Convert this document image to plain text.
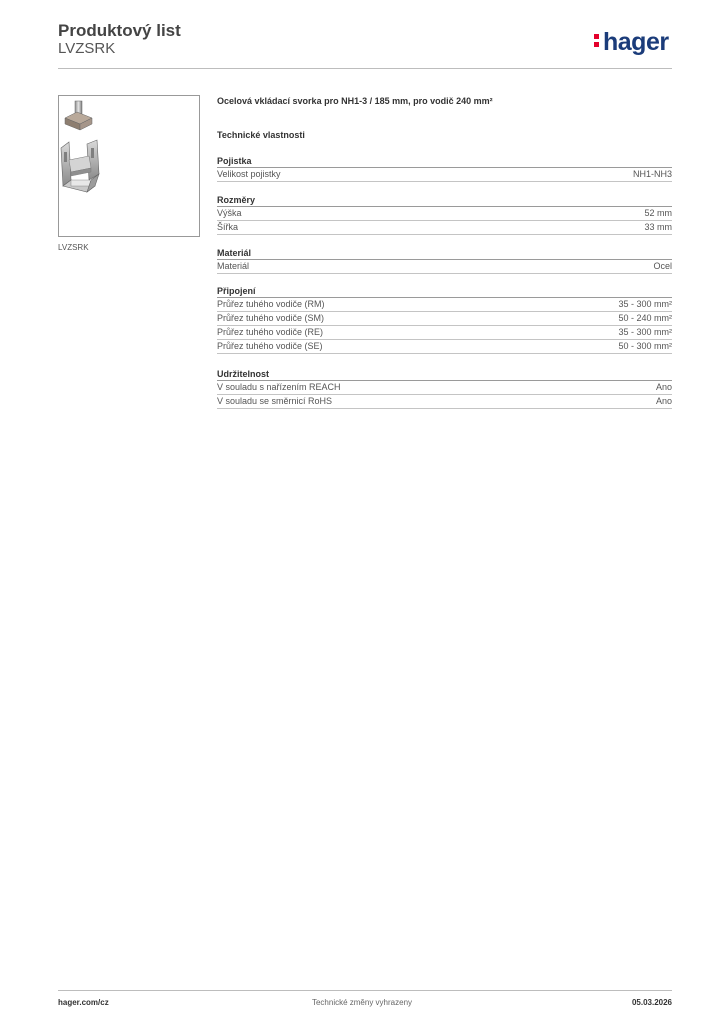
Produktový list
LVZSRK	hager
LVZSRK
Ocelová vkládací svorka pro NH1-3 / 185 mm, pro vodič 240 mm²
Technické vlastnosti
Pojistka
Velikost pojistky	NH1-NH3
Rozměry
Výška	52 mm
Šířka	33 mm
Materiál
Materiál	Ocel
Připojení
Průřez tuhého vodiče (RM)	35 - 300 mm²
Průřez tuhého vodiče (SM)	50 - 240 mm²
Průřez tuhého vodiče (RE)	35 - 300 mm²
Průřez tuhého vodiče (SE)	50 - 300 mm²
Udržitelnost
V souladu s nařízením REACH	Ano
V souladu se směrnicí RoHS	Ano
hager.com/cz	Technické změny vyhrazeny	05.03.2026
